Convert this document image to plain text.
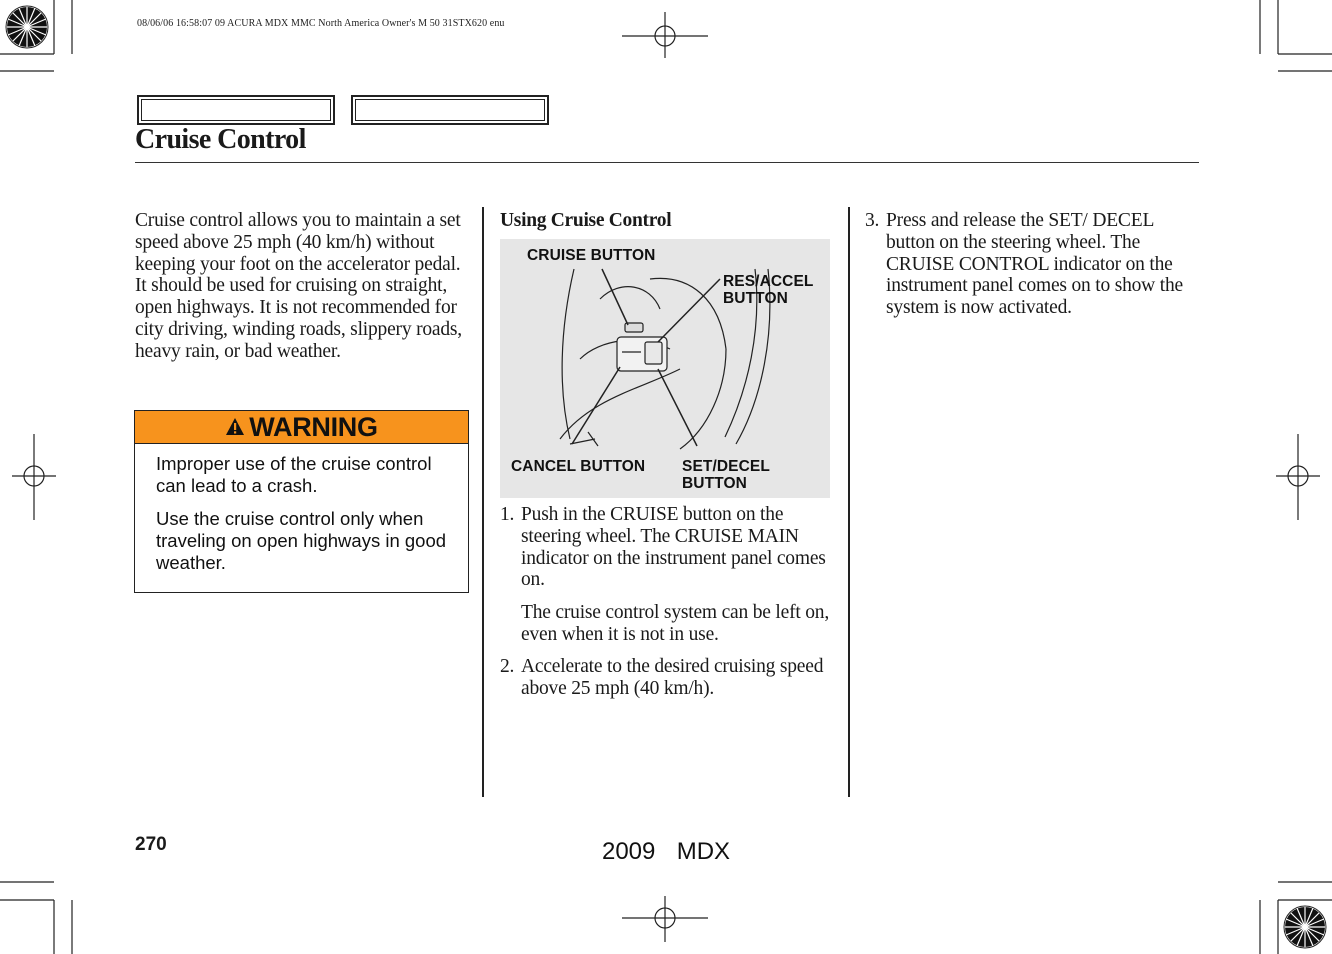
08/06/06 16:58:07 09 ACURA MDX MMC North America Owner's M 50 31STX620 enu
Cruise Control
Cruise control allows you to maintain a set speed above 25 mph (40 km/h) without keeping your foot on the accelerator pedal. It should be used for cruising on straight, open highways. It is not recommended for city driving, winding roads, slippery roads, heavy rain, or bad weather.
WARNING

Improper use of the cruise control can lead to a crash.

Use the cruise control only when traveling on open highways in good weather.

Using Cruise Control
CRUISE BUTTON
RES/ACCEL
BUTTON
CANCEL BUTTON SET/DECEL
BUTTON
1. Push in the CRUISE button on the steering wheel. The CRUISE MAIN indicator on the instrument panel comes on.
The cruise control system can be left on, even when it is not in use.
2. Accelerate to the desired cruising speed above 25 mph (40 km/h).
3. Press and release the SET/ DECEL button on the steering wheel. The CRUISE CONTROL indicator on the instrument panel comes on to show the system is now activated.
270	2009  MDX
